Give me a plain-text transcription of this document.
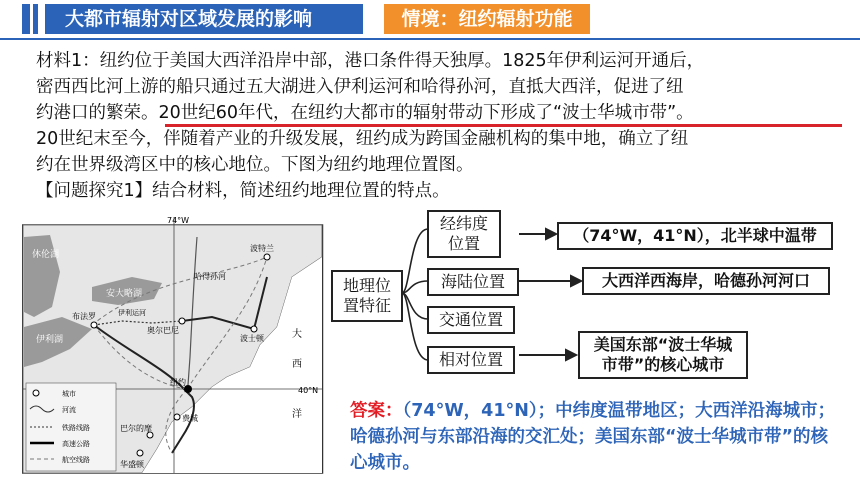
大都市辐射对区域发展的影响	情境：纽约辐射功能
材料1：纽约位于美国大西洋沿岸中部，港口条件得天独厚。1825年伊利运河开通后，
密西西比河上游的船只通过五大湖进入伊利运河和哈得孙河，直抵大西洋，促进了纽
约港口的繁荣。20世纪60年代，在纽约大都市的辐射带动下形成了“波士华城市带”。
20世纪末至今，伴随着产业的升级发展，纽约成为跨国金融机构的集中地，确立了纽
约在世界级湾区中的核心地位。下图为纽约地理位置图。
【问题探究1】结合材料，简述纽约地理位置的特点。
74°W
40°N
休伦湖
安大略湖
伊利湖
布法罗
奥尔巴尼
哈得孙河
波特兰
波士顿
纽约
费城
巴尔的摩
华盛顿
伊利运河
大
西
洋
城市
河流
铁路线路
高速公路
航空线路
地理位置特征
经纬度位置
海陆位置
交通位置
相对位置
（74°W，41°N），北半球中温带
大西洋西海岸，哈德孙河河口
美国东部“波士华城市带”的核心城市
答案：（74°W，41°N）；中纬度温带地区；大西洋沿海城市；哈德孙河与东部沿海的交汇处；美国东部“波士华城市带”的核心城市。
